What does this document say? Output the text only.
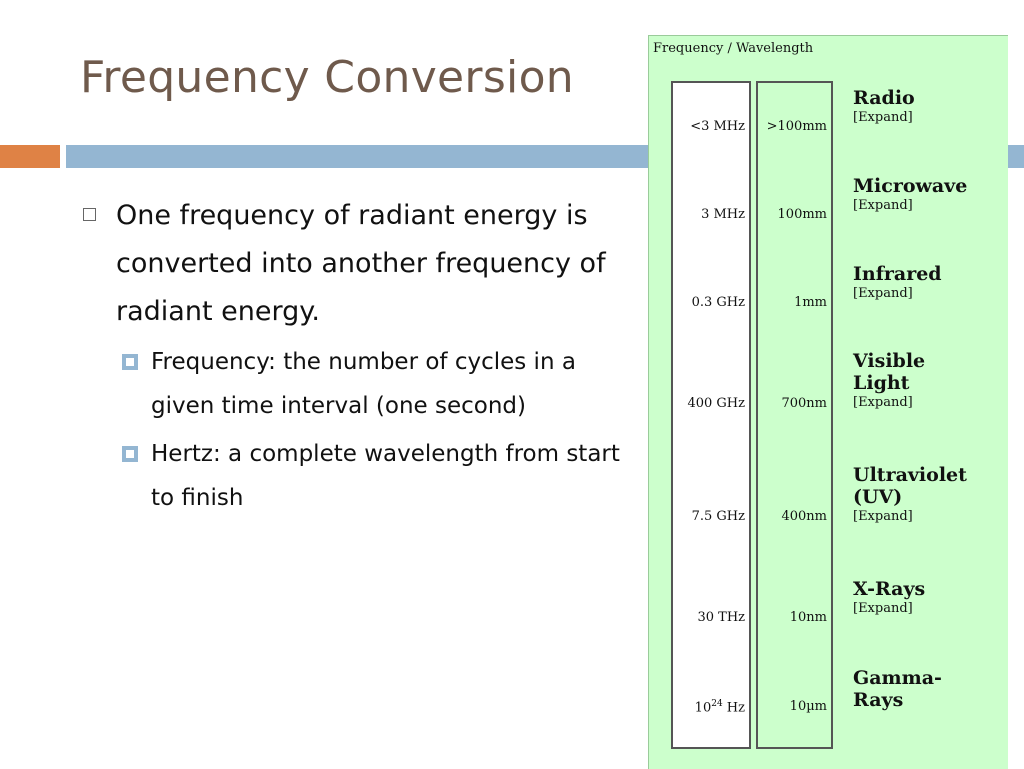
Frequency Conversion
One frequency of radiant energy is converted into another frequency of radiant energy.
Frequency: the number of cycles in a given time interval (one second)
Hertz: a complete wavelength from start to finish
Frequency / Wavelength
<3 MHz
3 MHz
0.3 GHz
400 GHz
7.5 GHz
30 THz
$10^{24}$ Hz
>100mm
100mm
1mm
700nm
400nm
10nm
10µm
Radio
[Expand]
Microwave
[Expand]
Infrared
[Expand]
Visible
Light
[Expand]
Ultraviolet
(UV)
[Expand]
X-Rays
[Expand]
Gamma-
Rays
